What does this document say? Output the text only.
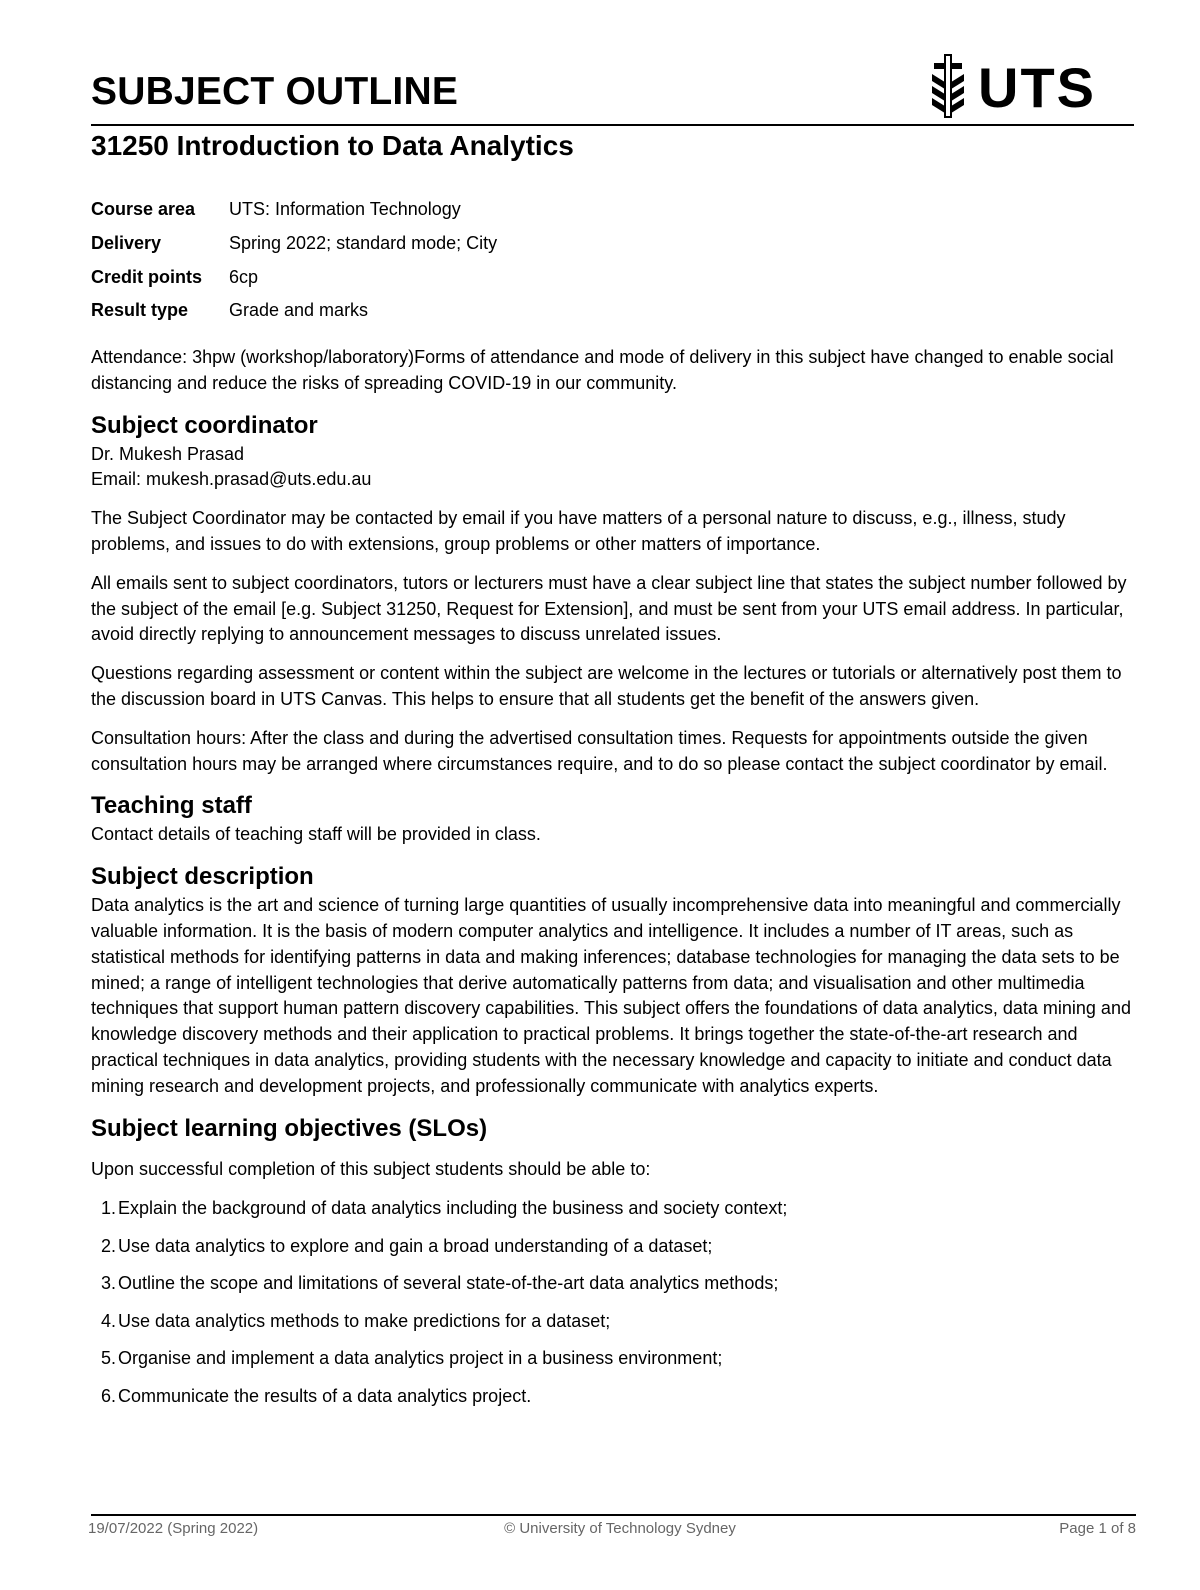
SUBJECT OUTLINE	UTS
31250 Introduction to Data Analytics
Course area	UTS: Information Technology
Delivery	Spring 2022; standard mode; City
Credit points	6cp
Result type	Grade and marks

Attendance: 3hpw (workshop/laboratory)Forms of attendance and mode of delivery in this subject have changed to enable social distancing and reduce the risks of spreading COVID-19 in our community.

Subject coordinator
Dr. Mukesh Prasad
Email: mukesh.prasad@uts.edu.au

The Subject Coordinator may be contacted by email if you have matters of a personal nature to discuss, e.g., illness, study problems, and issues to do with extensions, group problems or other matters of importance.

All emails sent to subject coordinators, tutors or lecturers must have a clear subject line that states the subject number followed by the subject of the email [e.g. Subject 31250, Request for Extension], and must be sent from your UTS email address. In particular, avoid directly replying to announcement messages to discuss unrelated issues.

Questions regarding assessment or content within the subject are welcome in the lectures or tutorials or alternatively post them to the discussion board in UTS Canvas. This helps to ensure that all students get the benefit of the answers given.

Consultation hours: After the class and during the advertised consultation times. Requests for appointments outside the given consultation hours may be arranged where circumstances require, and to do so please contact the subject coordinator by email.

Teaching staff

Contact details of teaching staff will be provided in class.

Subject description

Data analytics is the art and science of turning large quantities of usually incomprehensive data into meaningful and commercially valuable information. It is the basis of modern computer analytics and intelligence. It includes a number of IT areas, such as statistical methods for identifying patterns in data and making inferences; database technologies for managing the data sets to be mined; a range of intelligent technologies that derive automatically patterns from data; and visualisation and other multimedia techniques that support human pattern discovery capabilities. This subject offers the foundations of data analytics, data mining and knowledge discovery methods and their application to practical problems. It brings together the state-of-the-art research and practical techniques in data analytics, providing students with the necessary knowledge and capacity to initiate and conduct data mining research and development projects, and professionally communicate with analytics experts.

Subject learning objectives (SLOs)

Upon successful completion of this subject students should be able to:

1. Explain the background of data analytics including the business and society context;
2. Use data analytics to explore and gain a broad understanding of a dataset;
3. Outline the scope and limitations of several state-of-the-art data analytics methods;
4. Use data analytics methods to make predictions for a dataset;
5. Organise and implement a data analytics project in a business environment;
6. Communicate the results of a data analytics project.
19/07/2022 (Spring 2022)	© University of Technology Sydney	Page 1 of 8
